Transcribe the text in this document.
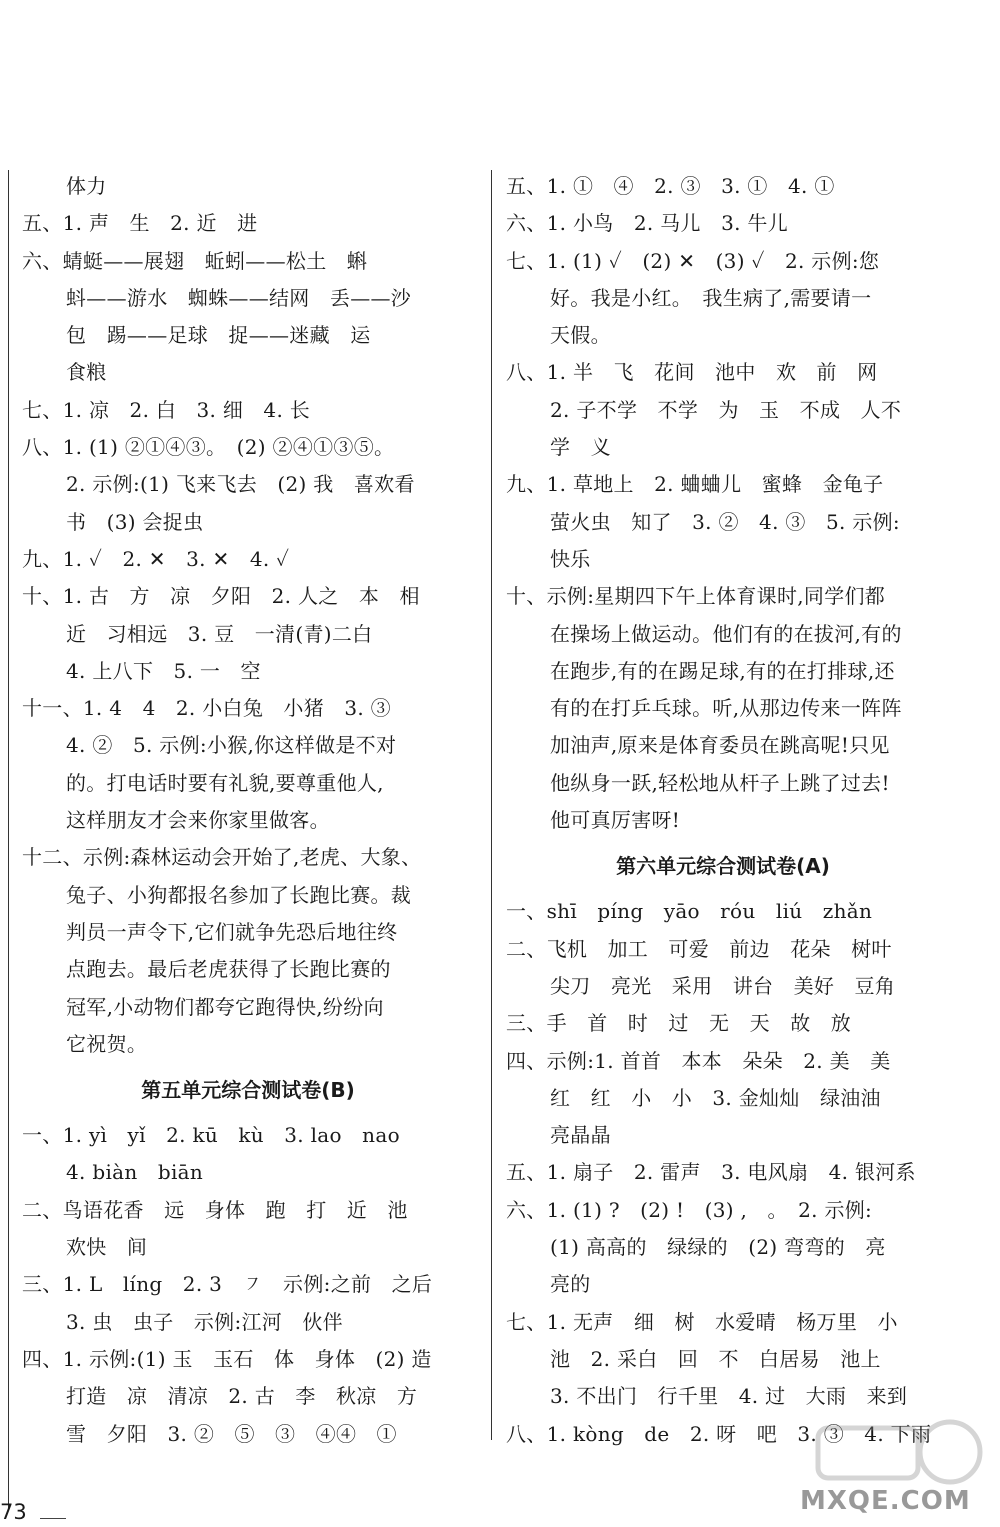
体力
五、1. 声　生　2. 近　进
六、蜻蜓——展翅　蚯蚓——松土　蝌
蚪——游水　蜘蛛——结网　丢——沙
包　踢——足球　捉——迷藏　运
食粮
七、1. 凉　2. 白　3. 细　4. 长
八、1. (1) ②①④③。　(2) ②④①③⑤。
2. 示例:(1) 飞来飞去　(2) 我　喜欢看
书　(3) 会捉虫
九、1. ✓　2. ✕　3. ✕　4. ✓
十、1. 古　方　凉　夕阳　2. 人之　本　相
近　习相远　3. 豆　一清(青)二白
4. 上八下　5. 一　空
十一、1. 4　4　2. 小白兔　小猪　3. ③
4. ②　5. 示例:小猴,你这样做是不对
的。打电话时要有礼貌,要尊重他人,
这样朋友才会来你家里做客。
十二、示例:森林运动会开始了,老虎、大象、
兔子、小狗都报名参加了长跑比赛。裁
判员一声令下,它们就争先恐后地往终
点跑去。最后老虎获得了长跑比赛的
冠军,小动物们都夸它跑得快,纷纷向
它祝贺。
第五单元综合测试卷(B)
一、1. yì　yǐ　2. kū　kù　3. lao　nao
4. biàn　biān
二、鸟语花香　远　身体　跑　打　近　池
欢快　间
三、1. L　líng　2. 3　㇇　示例:之前　之后
3. 虫　虫子　示例:江河　伙伴
四、1. 示例:(1) 玉　玉石　体　身体　(2) 造
打造　凉　清凉　2. 古　李　秋凉　方
雪　夕阳　3. ②　⑤　③　④④　①
五、1. ①　④　2. ③　3. ①　4. ①
六、1. 小鸟　2. 马儿　3. 牛儿
七、1. (1) ✓　(2) ✕　(3) ✓　2. 示例:您
好。我是小红。　我生病了,需要请一
天假。
八、1. 半　飞　花间　池中　欢　前　网
2. 子不学　不学　为　玉　不成　人不
学　义
九、1. 草地上　2. 蛐蛐儿　蜜蜂　金龟子
萤火虫　知了　3. ②　4. ③　5. 示例:
快乐
十、示例:星期四下午上体育课时,同学们都
在操场上做运动。他们有的在拔河,有的
在跑步,有的在踢足球,有的在打排球,还
有的在打乒乓球。听,从那边传来一阵阵
加油声,原来是体育委员在跳高呢!只见
他纵身一跃,轻松地从杆子上跳了过去!
他可真厉害呀!
第六单元综合测试卷(A)
一、shī　píng　yāo　róu　liú　zhǎn
二、飞机　加工　可爱　前边　花朵　树叶
尖刀　亮光　采用　讲台　美好　豆角
三、手　首　时　过　无　天　故　放
四、示例:1. 首首　本本　朵朵　2. 美　美
红　红　小　小　3. 金灿灿　绿油油
亮晶晶
五、1. 扇子　2. 雷声　3. 电风扇　4. 银河系
六、1. (1) ?　(2) !　(3) ,　。　2. 示例:
(1) 高高的　绿绿的　(2) 弯弯的　亮
亮的
七、1. 无声　细　树　水爱晴　杨万里　小
池　2. 采白　回　不　白居易　池上
3. 不出门　行千里　4. 过　大雨　来到
八、1. kòng　de　2. 呀　吧　3. ③　4. 下雨
73	MXQE.COM
